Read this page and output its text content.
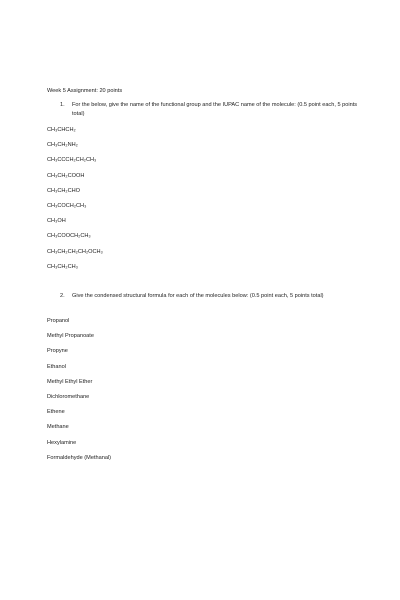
Week 5 Assignment: 20 points
1. For the below, give the name of the functional group and the IUPAC name of the molecule: (0.5 point each, 5 points total)
CH₃CHCH₂
CH₃CH₂NH₂
CH₃CCCH₂CH₂CH₃
CH₃CH₂COOH
CH₃CH₂CHO
CH₃COCH₂CH₃
CH₃OH
CH₃COOCH₂CH₃
CH₃CH₂CH₂CH₂OCH₃
CH₃CH₂CH₃
2. Give the condensed structural formula for each of the molecules below: (0.5 point each, 5 points total)
Propanol
Methyl Propanoate
Propyne
Ethanol
Methyl Ethyl Ether
Dichloromethane
Ethene
Methane
Hexylamine
Formaldehyde (Methanal)
